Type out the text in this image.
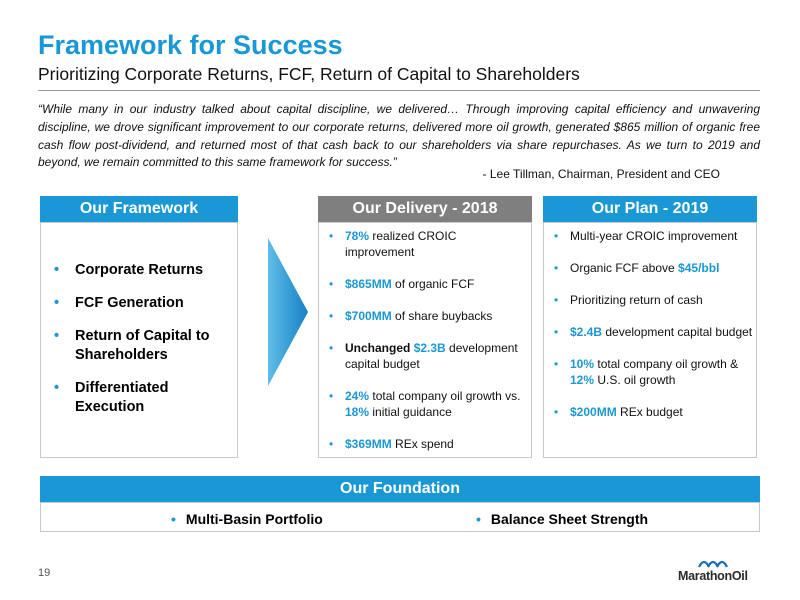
Framework for Success
Prioritizing Corporate Returns, FCF, Return of Capital to Shareholders
“While many in our industry talked about capital discipline, we delivered… Through improving capital efficiency and unwavering discipline, we drove significant improvement to our corporate returns, delivered more oil growth, generated $865 million of organic free cash flow post-dividend, and returned most of that cash back to our shareholders via share repurchases. As we turn to 2019 and beyond, we remain committed to this same framework for success.”
- Lee Tillman, Chairman, President and CEO
Our Framework
• Corporate Returns
• FCF Generation
• Return of Capital to Shareholders
• Differentiated Execution
Our Delivery - 2018
• 78% realized CROIC improvement
• $865MM of organic FCF
• $700MM of share buybacks
• Unchanged $2.3B development capital budget
• 24% total company oil growth vs. 18% initial guidance
• $369MM REx spend
Our Plan - 2019
• Multi-year CROIC improvement
• Organic FCF above $45/bbl
• Prioritizing return of cash
• $2.4B development capital budget
• 10% total company oil growth & 12% U.S. oil growth
• $200MM REx budget
Our Foundation
• Multi-Basin Portfolio	• Balance Sheet Strength
19	MarathonOil
